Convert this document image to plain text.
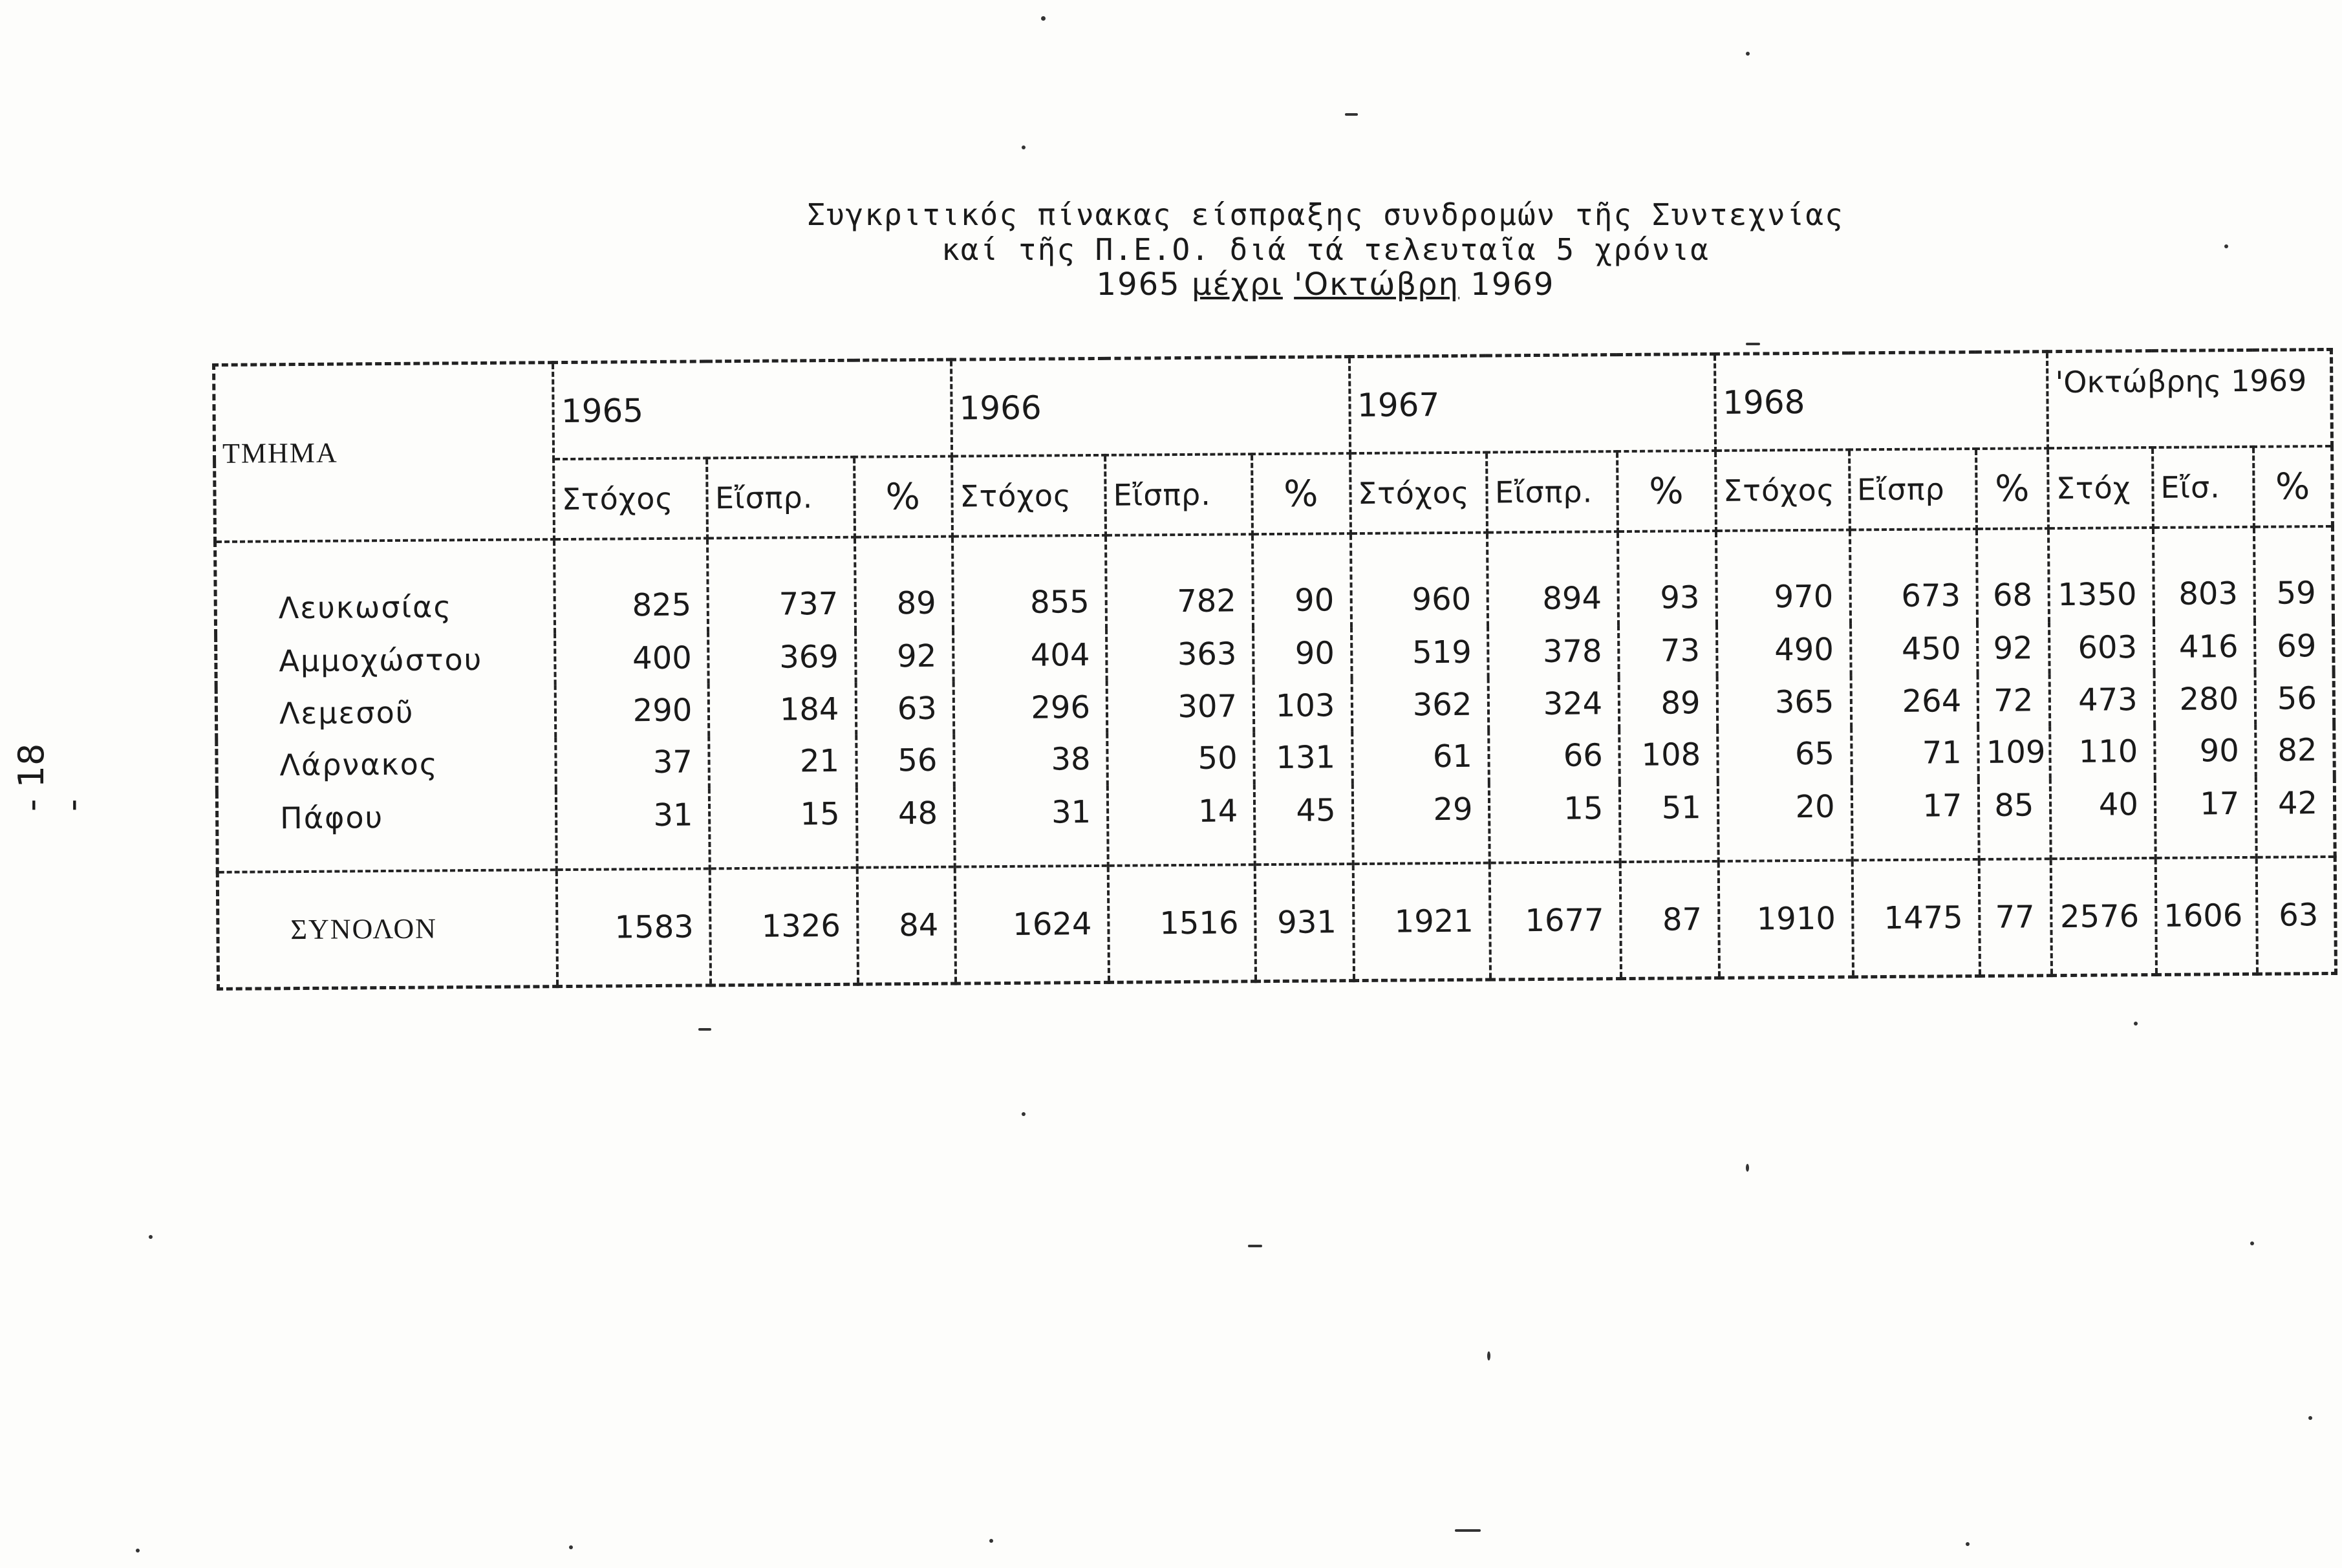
Συγκριτικός πίνακας είσπραξης συνδρομών τῆς Συντεχνίας
καί τῆς Π.Ε.Ο. διά τά τελευταῖα 5 χρόνια
1965 μέχρι 'Οκτώβρη 1969
- 18 -
ΤΜΗΜΑ	1965			1966			1967			1968			'Οκτώβρης 1969		
	Στόχος	Εἴσπρ.	%	Στόχος	Εἴσπρ.	%	Στόχος	Εἴσπρ.	%	Στόχος	Εἴσπρ	%	Στόχ	Εἴσ.	%
Λευκωσίας	825	737	89	855	782	90	960	894	93	970	673	68	1350	803	59
Αμμοχώστου	400	369	92	404	363	90	519	378	73	490	450	92	603	416	69
Λεμεσοῦ	290	184	63	296	307	103	362	324	89	365	264	72	473	280	56
Λάρνακος	37	21	56	38	50	131	61	66	108	65	71	109	110	90	82
Πάφου	31	15	48	31	14	45	29	15	51	20	17	85	40	17	42
ΣΥΝΟΛΟΝ	1583	1326	84	1624	1516	931	1921	1677	87	1910	1475	77	2576	1606	63
